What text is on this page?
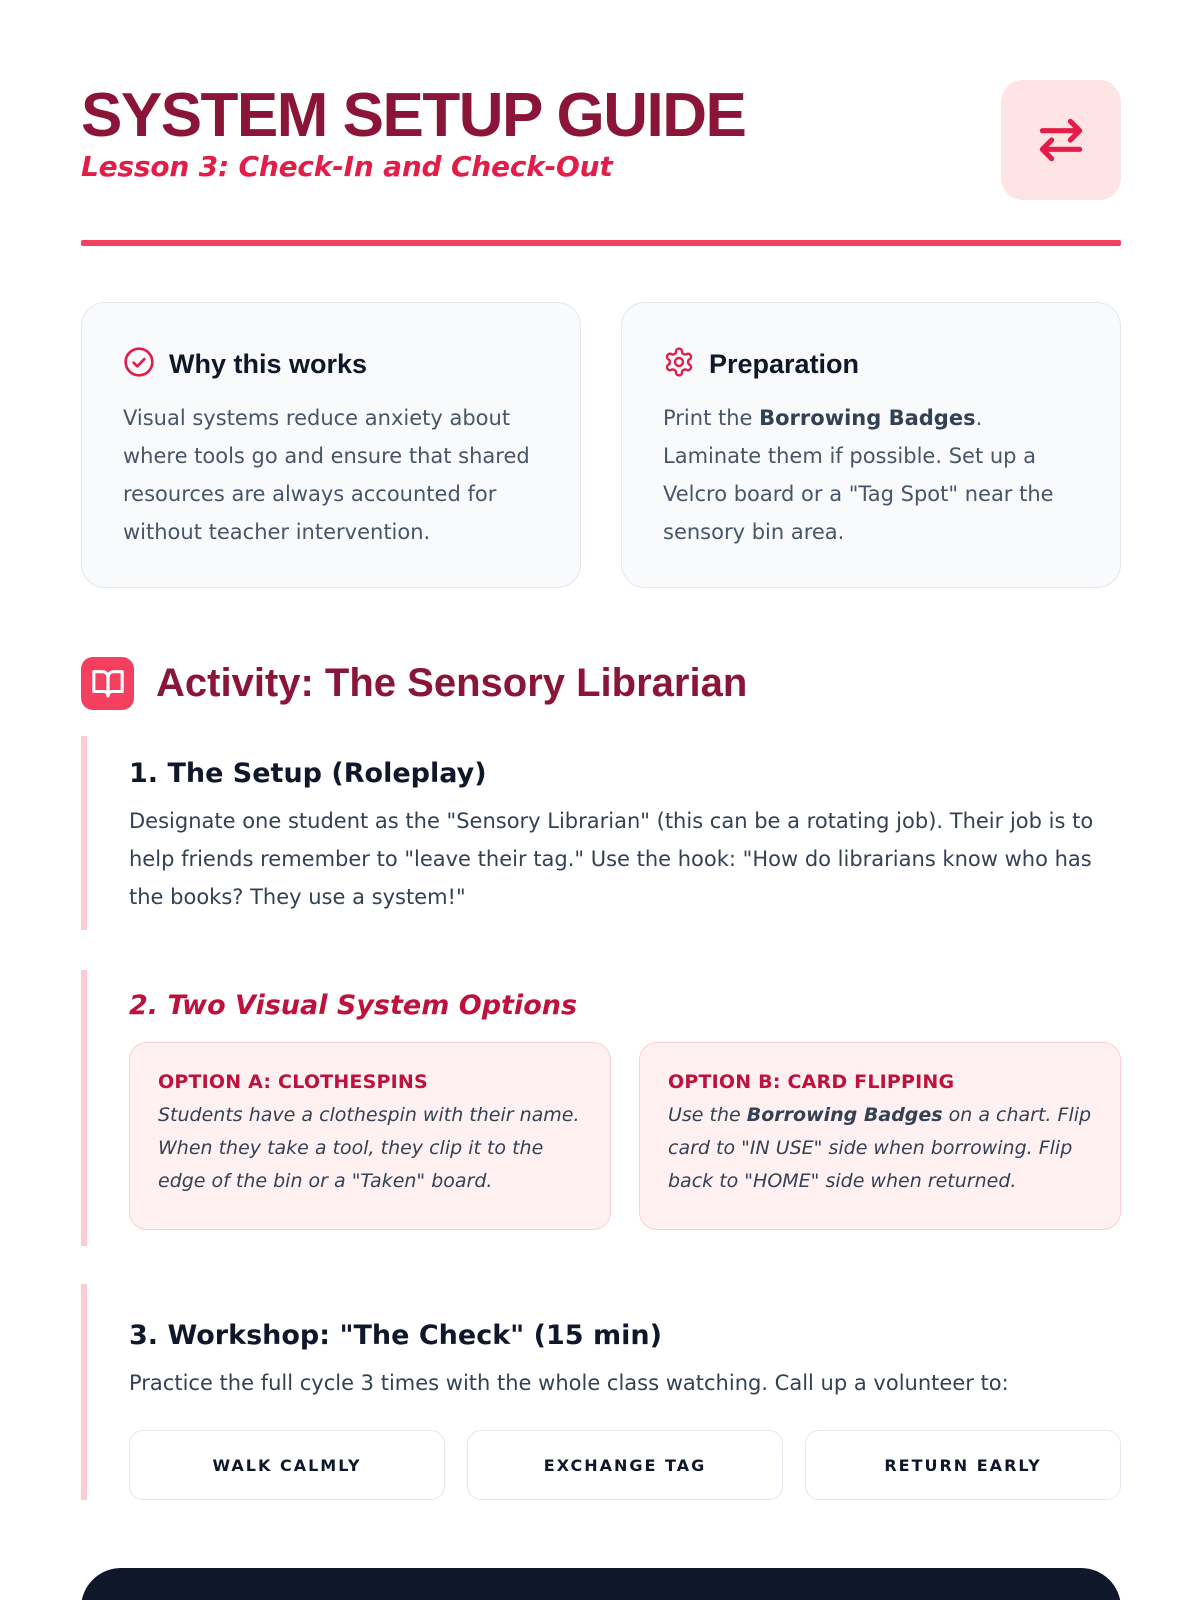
SYSTEM SETUP GUIDE
Lesson 3: Check-In and Check-Out
Why this works
Visual systems reduce anxiety about where tools go and ensure that shared resources are always accounted for without teacher intervention.
Preparation
Print the Borrowing Badges. Laminate them if possible. Set up a Velcro board or a "Tag Spot" near the sensory bin area.
Activity: The Sensory Librarian
1. The Setup (Roleplay)
Designate one student as the "Sensory Librarian" (this can be a rotating job). Their job is to help friends remember to "leave their tag." Use the hook: "How do librarians know who has the books? They use a system!"
2. Two Visual System Options
OPTION A: CLOTHESPINS
Students have a clothespin with their name. When they take a tool, they clip it to the edge of the bin or a "Taken" board.
OPTION B: CARD FLIPPING
Use the Borrowing Badges on a chart. Flip card to "IN USE" side when borrowing. Flip back to "HOME" side when returned.
3. Workshop: "The Check" (15 min)
Practice the full cycle 3 times with the whole class watching. Call up a volunteer to:
WALK CALMLY	EXCHANGE TAG	RETURN EARLY
